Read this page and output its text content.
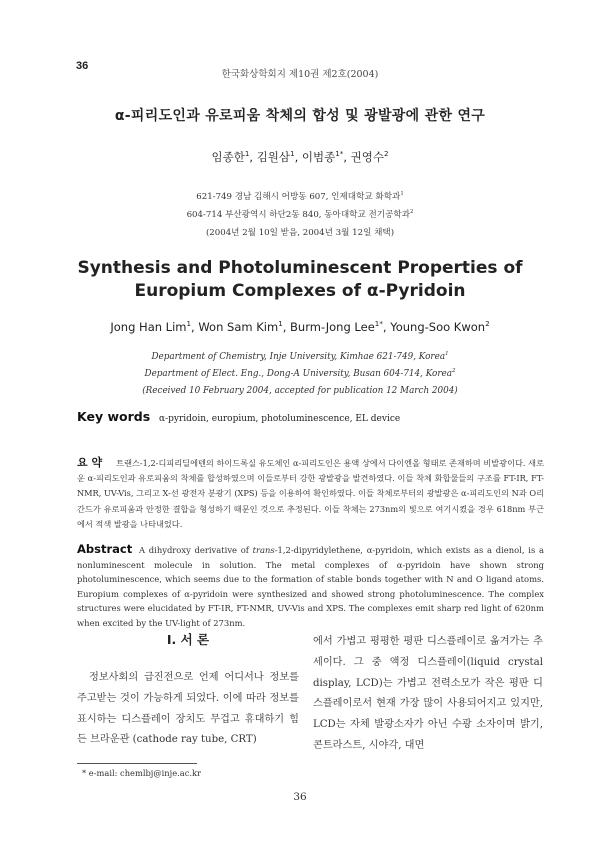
36
한국화상학회지 제10권 제2호(2004)
α-피리도인과 유로피움 착체의 합성 및 광발광에 관한 연구
임종한$^1$, 김원삼$^1$, 이범종$^{1*}$, 권영수$^2$
621-749 경남 김해시 어방동 607, 인제대학교 화학과$^1$
604-714 부산광역시 하단2동 840, 동아대학교 전기공학과$^2$
(2004년 2월 10일 받음, 2004년 3월 12일 채택)
Synthesis and Photoluminescent Properties of
Europium Complexes of α-Pyridoin
Jong Han Lim$^1$, Won Sam Kim$^1$, Burm-Jong Lee$^{1*}$, Young-Soo Kwon$^2$
Department of Chemistry, Inje University, Kimhae 621-749, Korea$^1$
Department of Elect. Eng., Dong-A University, Busan 604-714, Korea$^2$
(Received 10 February 2004, accepted for publication 12 March 2004)
Key words α-pyridoin, europium, photoluminescence, EL device
요 약 트랜스-1,2-디피리딜에텐의 하이드록실 유도체인 α-피리도인은 용액 상에서 다이엔올 형태로 존재하며 비발광이다. 새로운 α-피리도인과 유로피움의 착체를 합성하였으며 이들로부터 강한 광발광을 발견하였다. 이들 착체 화합물들의 구조를 FT-IR, FT-NMR, UV-Vis, 그리고 X-선 광전자 분광기 (XPS) 등을 이용하여 확인하였다. 이들 착체로부터의 광발광은 α-피리도인의 N과 O리간드가 유로피움과 안정한 결합을 형성하기 때문인 것으로 추정된다. 이들 착체는 273nm의 빛으로 여기시켰을 경우 618nm 부근에서 적색 발광을 나타내었다.
Abstract A dihydroxy derivative of trans-1,2-dipyridylethene, α-pyridoin, which exists as a dienol, is a nonluminescent molecule in solution. The metal complexes of α-pyridoin have shown strong photoluminescence, which seems due to the formation of stable bonds together with N and O ligand atoms. Europium complexes of α-pyridoin were synthesized and showed strong photoluminescence. The complex structures were elucidated by FT-IR, FT-NMR, UV-Vis and XPS. The complexes emit sharp red light of 620nm when excited by the UV-light of 273nm.
Ⅰ. 서 론
정보사회의 급진전으로 언제 어디서나 정보를 주고받는 것이 가능하게 되었다. 이에 따라 정보를 표시하는 디스플레이 장치도 무겁고 휴대하기 힘든 브라운관 (cathode ray tube, CRT)
에서 가볍고 평평한 평판 디스플레이로 옮겨가는 추세이다. 그 중 액정 디스플레이(liquid crystal display, LCD)는 가볍고 전력소모가 작은 평판 디스플레이로서 현재 가장 많이 사용되어지고 있지만, LCD는 자체 발광소자가 아닌 수광 소자이며 밝기, 콘트라스트, 시야각, 대면
* e-mail: chemlbj@inje.ac.kr
36
